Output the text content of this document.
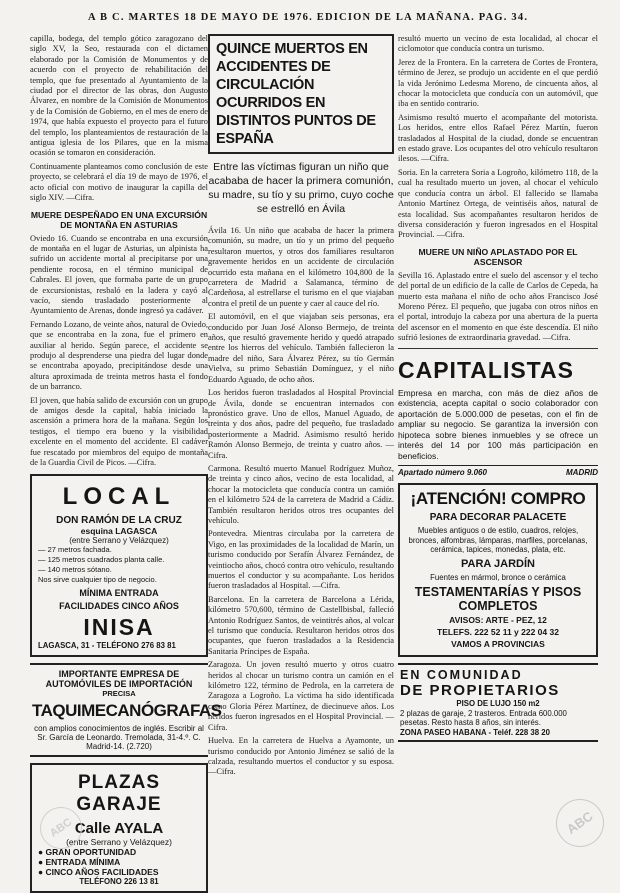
A B C. MARTES 18 DE MAYO DE 1976. EDICION DE LA MAÑANA. PAG. 34.

capilla, bodega, del templo gótico zaragozano del siglo XV, la Seo, restaurada con el dictamen elaborado por la Comisión de Monumentos y de acuerdo con el proyecto de rehabilitación del templo, que fue presentado al Ayuntamiento de la ciudad por el director de las obras, don Augusto Álvarez, en nombre de la Comisión de Monumentos y de la Comisión de Gobierno, en el mes de enero de 1974, que había expuesto el proyecto para el futuro del templo, los planteamientos de restauración de la antigua iglesia de los Pilares, que en la misma ocasión se tomaron en consideración.

Continuamente planteamos como conclusión de este proyecto, se celebrará el día 19 de mayo de 1976, el acto oficial con motivo de inaugurar la capilla del siglo XIV. —Cifra.

MUERE DESPEÑADO EN UNA EXCURSIÓN DE MONTAÑA EN ASTURIAS

Oviedo 16. Cuando se encontraba en una excursión de montaña en el lugar de Asturias, un alpinista ha sufrido un accidente mortal al precipitarse por una pendiente rocosa, en el término municipal de Cabrales. El joven, que formaba parte de un grupo de excursionistas, resbaló en la ladera y cayó al vacío, siendo trasladado posteriormente al Ayuntamiento de Arenas, donde ingresó ya cadáver.

Fernando Lozano, de veinte años, natural de Oviedo, que se encontraba en la zona, fue el primero en auxiliar al herido. Según parece, el accidente se produjo al desprenderse una piedra del lugar donde se encontraba apoyado, precipitándose desde una altura aproximada de treinta metros hasta el fondo de un barranco.

El joven, que había salido de excursión con un grupo de amigos desde la capital, había iniciado la ascensión a primera hora de la mañana. Según los testigos, el tiempo era bueno y la visibilidad excelente en el momento del accidente. El cadáver fue rescatado por miembros del equipo de montaña de la Guardia Civil de Picos. —Cifra.

LOCAL
DON RAMÓN DE LA CRUZ
esquina LAGASCA
(entre Serrano y Velázquez)
— 27 metros fachada.
— 125 metros cuadrados planta calle.
— 140 metros sótano.
Nos sirve cualquier tipo de negocio.
MÍNIMA ENTRADA
FACILIDADES CINCO AÑOS
INISA
LAGASCA, 31 - TELÉFONO 276 83 81
IMPORTANTE EMPRESA DE AUTOMÓVILES DE IMPORTACIÓN
PRECISA
TAQUIMECANÓGRAFAS
con amplios conocimientos de inglés. Escribir al Sr. García de Leonardo. Tremolada, 31-4.º. C. Madrid-14. (2.720)
PLAZAS GARAJE
Calle AYALA
(entre Serrano y Velázquez)
● GRAN OPORTUNIDAD
● ENTRADA MÍNIMA
● CINCO AÑOS FACILIDADES
TELÉFONO 226 13 81
QUINCE MUERTOS EN ACCIDENTES DE CIRCULACIÓN OCURRIDOS EN DISTINTOS PUNTOS DE ESPAÑA
Entre las víctimas figuran un niño que acababa de hacer la primera comunión, su madre, su tío y su primo, cuyo coche se estrelló en Ávila

Ávila 16. Un niño que acababa de hacer la primera comunión, su madre, un tío y un primo del pequeño resultaron muertos, y otros dos familiares resultaron gravemente heridos en un accidente de circulación ocurrido esta mañana en el kilómetro 104,800 de la carretera de Madrid a Salamanca, término de Cardeñosa, al estrellarse el turismo en el que viajaban contra el pretil de un puente y caer al cauce del río.

El automóvil, en el que viajaban seis personas, era conducido por Juan José Alonso Bermejo, de treinta años, que resultó gravemente herido y quedó atrapado entre los hierros del vehículo. También fallecieron la madre del niño, Sara Álvarez Pérez, su tío Germán Vielva, su primo Sebastián Domínguez, y el niño Eduardo Aguado, de ocho años.

Los heridos fueron trasladados al Hospital Provincial de Ávila, donde se encuentran internados con pronóstico grave. Uno de ellos, Manuel Aguado, de treinta y dos años, padre del pequeño, fue trasladado posteriormente a Madrid. Asimismo resultó herido Ramón Alonso Bermejo, de treinta y cuatro años. —Cifra.

Carmona. Resultó muerto Manuel Rodríguez Muñoz, de treinta y cinco años, vecino de esta localidad, al chocar la motocicleta que conducía contra un camión en el kilómetro 524 de la carretera de Madrid a Cádiz. También resultaron heridos otros tres ocupantes del vehículo.

Pontevedra. Mientras circulaba por la carretera de Vigo, en las proximidades de la localidad de Marín, un turismo conducido por Serafín Álvarez Fernández, de veintiocho años, chocó contra otro vehículo, resultando muertos el conductor y su acompañante. Los heridos fueron trasladados al Hospital. —Cifra.

Barcelona. En la carretera de Barcelona a Lérida, kilómetro 570,600, término de Castellbisbal, falleció Antonio Rodríguez Santos, de veintitrés años, al volcar el turismo que conducía. Resultaron heridos otros dos ocupantes, que fueron trasladados a la Residencia Sanitaria Príncipes de España.

Zaragoza. Un joven resultó muerto y otros cuatro heridos al chocar un turismo contra un camión en el kilómetro 122, término de Pedrola, en la carretera de Zaragoza a Logroño. La víctima ha sido identificada como Gloria Pérez Martínez, de diecinueve años. Los heridos fueron ingresados en el Hospital Provincial. —Cifra.

Huelva. En la carretera de Huelva a Ayamonte, un turismo conducido por Antonio Jiménez se salió de la calzada, resultando muertos el conductor y su esposa. —Cifra.

resultó muerto un vecino de esta localidad, al chocar el ciclomotor que conducía contra un turismo.

Jerez de la Frontera. En la carretera de Cortes de Frontera, término de Jerez, se produjo un accidente en el que perdió la vida Jerónimo Ledesma Moreno, de cincuenta años, al chocar la motocicleta que conducía con un automóvil, que iba en sentido contrario.

Asimismo resultó muerto el acompañante del motorista. Los heridos, entre ellos Rafael Pérez Martín, fueron trasladados al Hospital de la ciudad, donde se encuentran en estado grave. Los ocupantes del otro vehículo resultaron ilesos. —Cifra.

Soria. En la carretera Soria a Logroño, kilómetro 118, de la cual ha resultado muerto un joven, al chocar el vehículo que conducía contra un árbol. El fallecido se llamaba Antonio Martínez Ortega, de veintiséis años, natural de esta localidad. Sus acompañantes resultaron heridos de diversa consideración y fueron ingresados en el Hospital Provincial. —Cifra.

MUERE UN NIÑO APLASTADO POR EL ASCENSOR

Sevilla 16. Aplastado entre el suelo del ascensor y el techo del portal de un edificio de la calle de Carlos de Cepeda, ha muerto esta mañana el niño de ocho años Francisco José Moreno Pérez. El pequeño, que jugaba con otros niños en el portal, introdujo la cabeza por una abertura de la puerta del ascensor en el momento en que éste descendía. El niño sufrió lesiones de extraordinaria gravedad. —Cifra.

CAPITALISTAS
Empresa en marcha, con más de diez años de existencia, acepta capital o socio colaborador con aportación de 5.000.000 de pesetas, con el fin de ampliar su negocio. Se garantiza la inversión con hipoteca sobre bienes inmuebles y se ofrece un interés del 14 por 100 más participación en beneficios.
Apartado número 9.060	MADRID
¡ATENCIÓN! COMPRO
PARA DECORAR PALACETE
Muebles antiguos o de estilo, cuadros, relojes, bronces, alfombras, lámparas, marfiles, porcelanas, cerámica, tapices, monedas, plata, etc.
PARA JARDÍN
Fuentes en mármol, bronce o cerámica
TESTAMENTARÍAS Y PISOS COMPLETOS
AVISOS: ARTE - PEZ, 12
TELEFS. 222 52 11 y 222 04 32
VAMOS A PROVINCIAS
EN COMUNIDAD
DE PROPIETARIOS
PISO DE LUJO 150 m2
2 plazas de garaje, 2 trasteros. Entrada 600.000 pesetas. Resto hasta 8 años, sin interés.
ZONA PASEO HABANA - Teléf. 228 38 20
ABC	ABC
